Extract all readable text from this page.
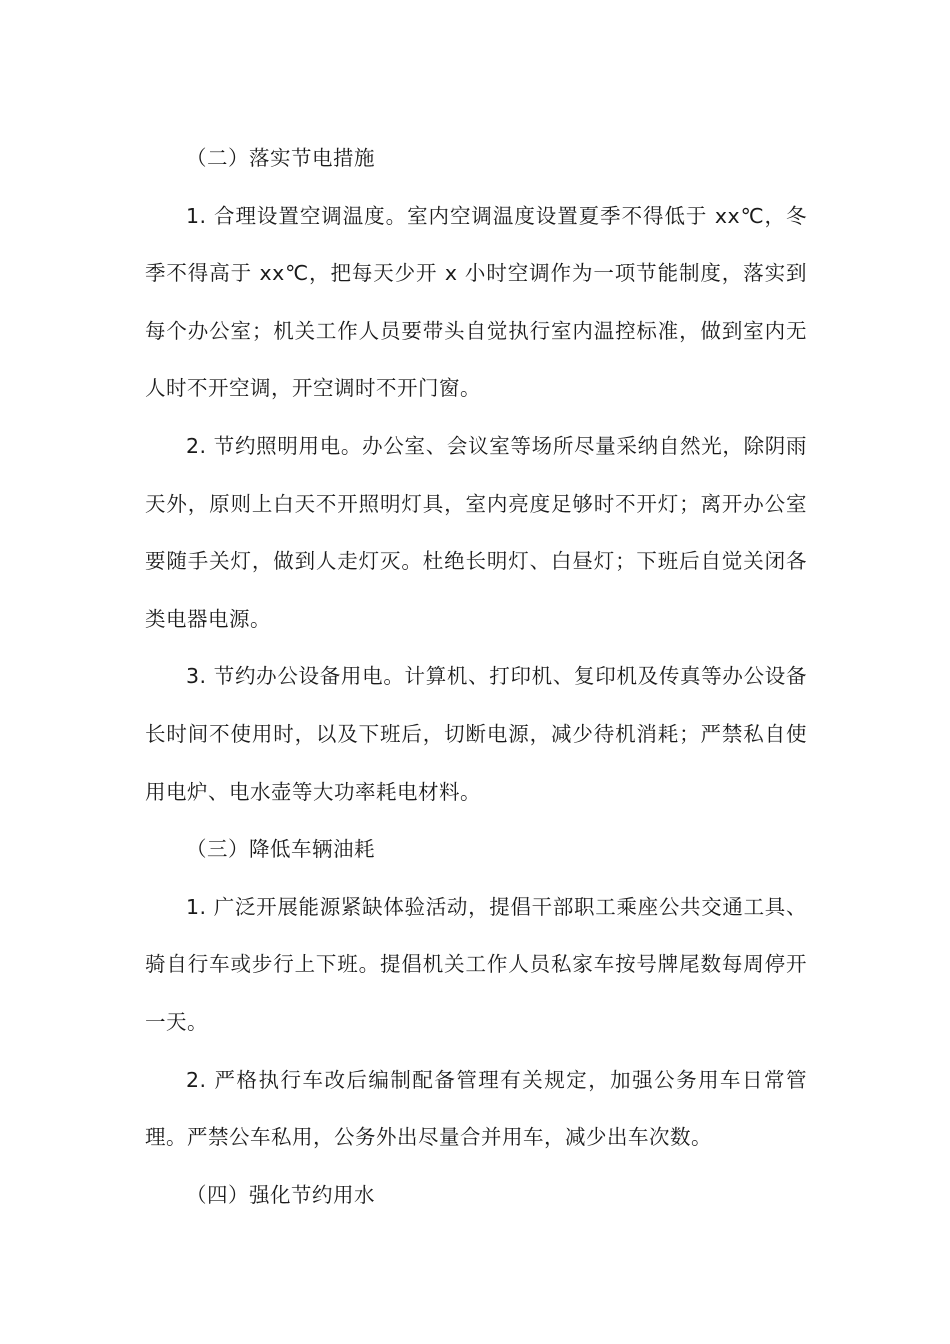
（二）落实节电措施

1. 合理设置空调温度。室内空调温度设置夏季不得低于 xx℃，冬季不得高于 xx℃，把每天少开 x 小时空调作为一项节能制度，落实到每个办公室；机关工作人员要带头自觉执行室内温控标准，做到室内无人时不开空调，开空调时不开门窗。

2. 节约照明用电。办公室、会议室等场所尽量采纳自然光，除阴雨天外，原则上白天不开照明灯具，室内亮度足够时不开灯；离开办公室要随手关灯，做到人走灯灭。杜绝长明灯、白昼灯；下班后自觉关闭各类电器电源。

3. 节约办公设备用电。计算机、打印机、复印机及传真等办公设备长时间不使用时，以及下班后，切断电源，减少待机消耗；严禁私自使用电炉、电水壶等大功率耗电材料。

（三）降低车辆油耗

1. 广泛开展能源紧缺体验活动，提倡干部职工乘座公共交通工具、骑自行车或步行上下班。提倡机关工作人员私家车按号牌尾数每周停开一天。

2. 严格执行车改后编制配备管理有关规定，加强公务用车日常管理。严禁公车私用，公务外出尽量合并用车，减少出车次数。

（四）强化节约用水
